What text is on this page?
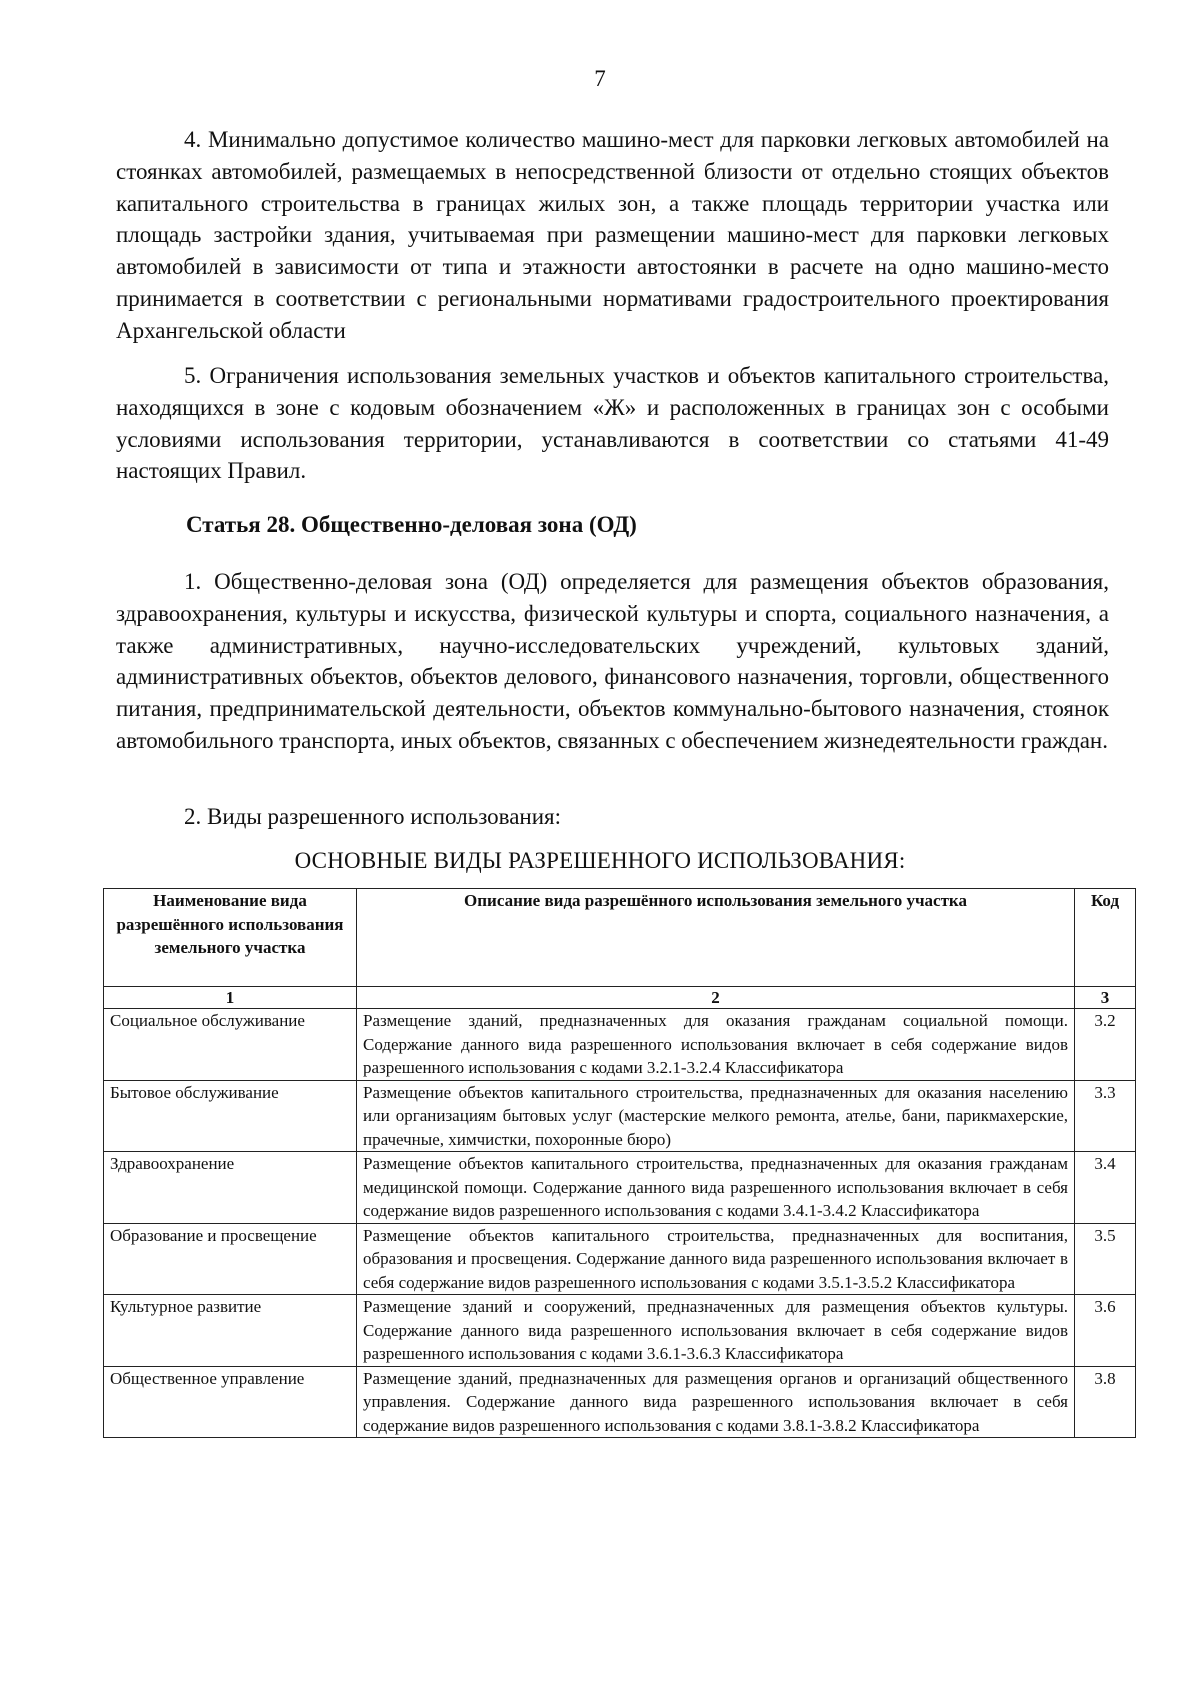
7

4. Минимально допустимое количество машино-мест для парковки легковых автомобилей на стоянках автомобилей, размещаемых в непосредственной близости от отдельно стоящих объектов капитального строительства в границах жилых зон, а также площадь территории участка или площадь застройки здания, учитываемая при размещении машино-мест для парковки легковых автомобилей в зависимости от типа и этажности автостоянки в расчете на одно машино-место принимается в соответствии с региональными нормативами градостроительного проектирования Архангельской области

5. Ограничения использования земельных участков и объектов капитального строительства, находящихся в зоне с кодовым обозначением «Ж» и расположенных в границах зон с особыми условиями использования территории, устанавливаются в соответствии со статьями 41-49 настоящих Правил.

Статья 28. Общественно-деловая зона (ОД)

1. Общественно-деловая зона (ОД) определяется для размещения объектов образования, здравоохранения, культуры и искусства, физической культуры и спорта, социального назначения, а также административных, научно-исследовательских учреждений, культовых зданий, административных объектов, объектов делового, финансового назначения, торговли, общественного питания, предпринимательской деятельности, объектов коммунально-бытового назначения, стоянок автомобильного транспорта, иных объектов, связанных с обеспечением жизнедеятельности граждан.

2. Виды разрешенного использования:

ОСНОВНЫЕ ВИДЫ РАЗРЕШЕННОГО ИСПОЛЬЗОВАНИЯ:
Наименование вида разрешённого использования земельного участка	Описание вида разрешённого использования земельного участка	Код
1	2	3
Социальное обслуживание	Размещение зданий, предназначенных для оказания гражданам социальной помощи. Содержание данного вида разрешенного использования включает в себя содержание видов разрешенного использования с кодами 3.2.1-3.2.4 Классификатора	3.2
Бытовое обслуживание	Размещение объектов капитального строительства, предназначенных для оказания населению или организациям бытовых услуг (мастерские мелкого ремонта, ателье, бани, парикмахерские, прачечные, химчистки, похоронные бюро)	3.3
Здравоохранение	Размещение объектов капитального строительства, предназначенных для оказания гражданам медицинской помощи. Содержание данного вида разрешенного использования включает в себя содержание видов разрешенного использования с кодами 3.4.1-3.4.2 Классификатора	3.4
Образование и просвещение	Размещение объектов капитального строительства, предназначенных для воспитания, образования и просвещения. Содержание данного вида разрешенного использования включает в себя содержание видов разрешенного использования с кодами 3.5.1-3.5.2 Классификатора	3.5
Культурное развитие	Размещение зданий и сооружений, предназначенных для размещения объектов культуры. Содержание данного вида разрешенного использования включает в себя содержание видов разрешенного использования с кодами 3.6.1-3.6.3 Классификатора	3.6
Общественное управление	Размещение зданий, предназначенных для размещения органов и организаций общественного управления. Содержание данного вида разрешенного использования включает в себя содержание видов разрешенного использования с кодами 3.8.1-3.8.2 Классификатора	3.8
